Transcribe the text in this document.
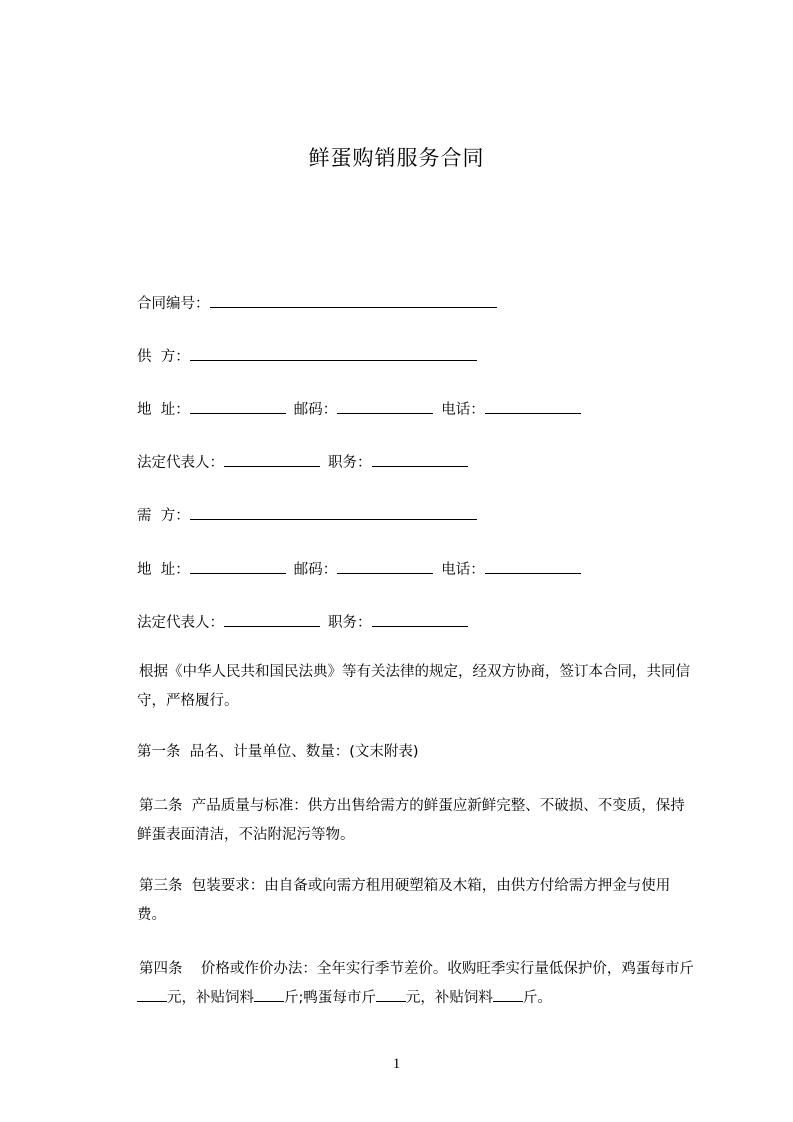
鲜蛋购销服务合同
合同编号：
供  方：
地  址：	邮码：	电话：
法定代表人：	职务：
需  方：
地  址：	邮码：	电话：
法定代表人：	职务：
根据《中华人民共和国民法典》等有关法律的规定，经双方协商，签订本合同，共同信守，严格履行。
第一条  品名、计量单位、数量：(文末附表)
第二条  产品质量与标准：供方出售给需方的鲜蛋应新鲜完整、不破损、不变质，保持鲜蛋表面清洁，不沾附泥污等物。
第三条  包装要求：由自备或向需方租用硬塑箱及木箱，由供方付给需方押金与使用费。
第四条    价格或作价办法：全年实行季节差价。收购旺季实行量低保护价，鸡蛋每市斤元，补贴饲料 斤;鸭蛋每市斤 元，补贴饲料 斤。
1
